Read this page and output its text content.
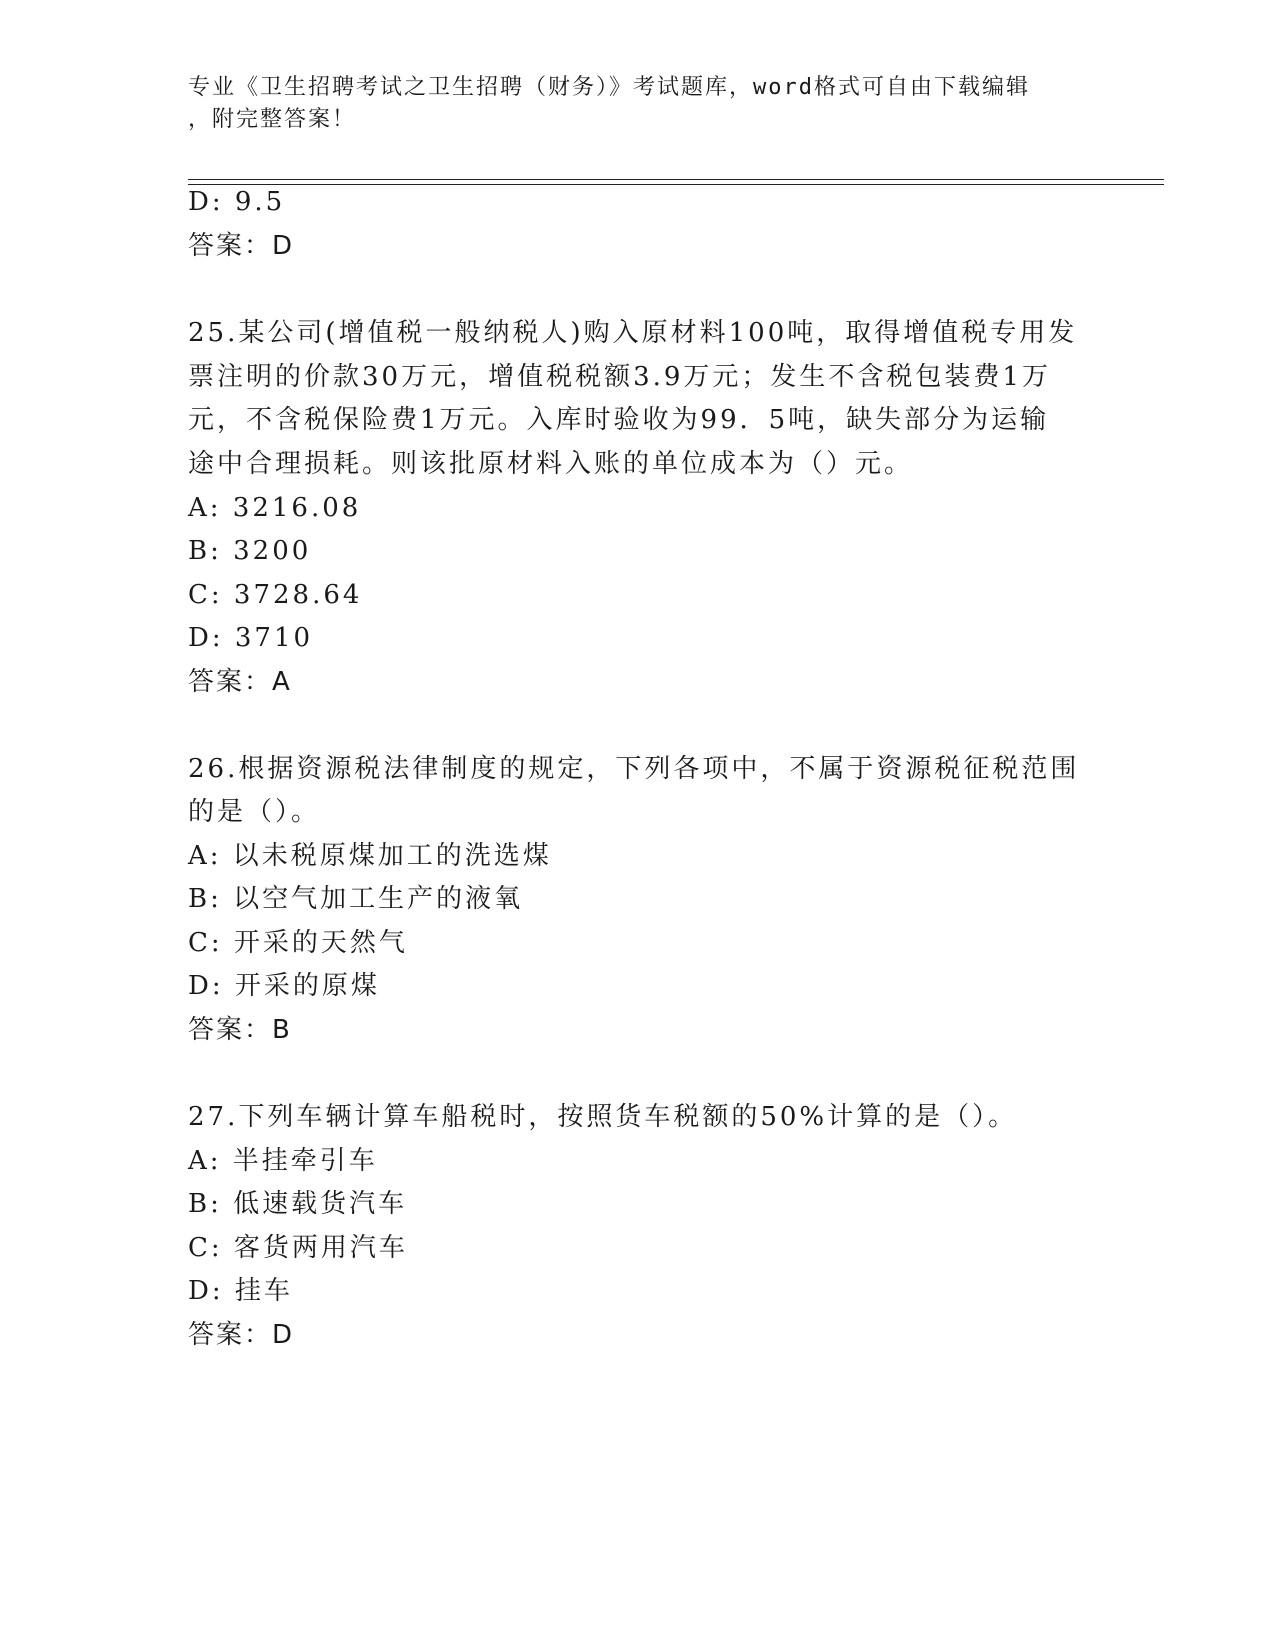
专业《卫生招聘考试之卫生招聘（财务）》考试题库，word格式可自由下载编辑
，附完整答案！
D: 9.5
答案：D
25.某公司(增值税一般纳税人)购入原材料100吨，取得增值税专用发
票注明的价款30万元，增值税税额3.9万元；发生不含税包装费1万
元，不含税保险费1万元。入库时验收为99．5吨，缺失部分为运输
途中合理损耗。则该批原材料入账的单位成本为（）元。
A: 3216.08
B: 3200
C: 3728.64
D: 3710
答案：A
26.根据资源税法律制度的规定，下列各项中，不属于资源税征税范围
的是（）。
A: 以未税原煤加工的洗选煤
B: 以空气加工生产的液氧
C: 开采的天然气
D: 开采的原煤
答案：B
27.下列车辆计算车船税时，按照货车税额的50%计算的是（）。
A: 半挂牵引车
B: 低速载货汽车
C: 客货两用汽车
D: 挂车
答案：D
